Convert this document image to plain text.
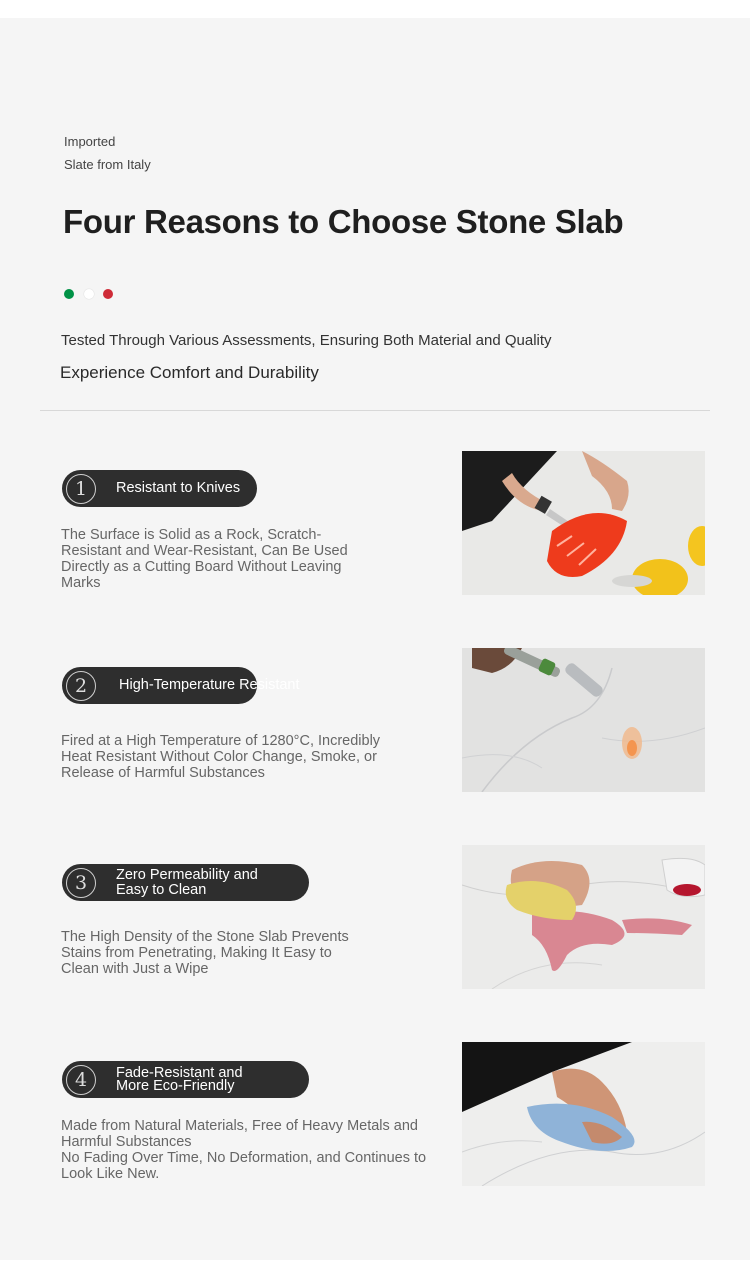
Imported
Slate from Italy
Four Reasons to Choose Stone Slab
Tested Through Various Assessments, Ensuring Both Material and Quality
Experience Comfort and Durability
1	Resistant to Knives
The Surface is Solid as a Rock, Scratch-Resistant and Wear-Resistant, Can Be Used Directly as a Cutting Board Without Leaving Marks
2	High-Temperature Resistant
Fired at a High Temperature of 1280°C, Incredibly Heat Resistant Without Color Change, Smoke, or Release of Harmful Substances
3	Zero Permeability and Easy to Clean
The High Density of the Stone Slab Prevents Stains from Penetrating, Making It Easy to Clean with Just a Wipe
4	Fade-Resistant and More Eco-Friendly
Made from Natural Materials, Free of Heavy Metals and Harmful Substances
No Fading Over Time, No Deformation, and Continues to Look Like New.
